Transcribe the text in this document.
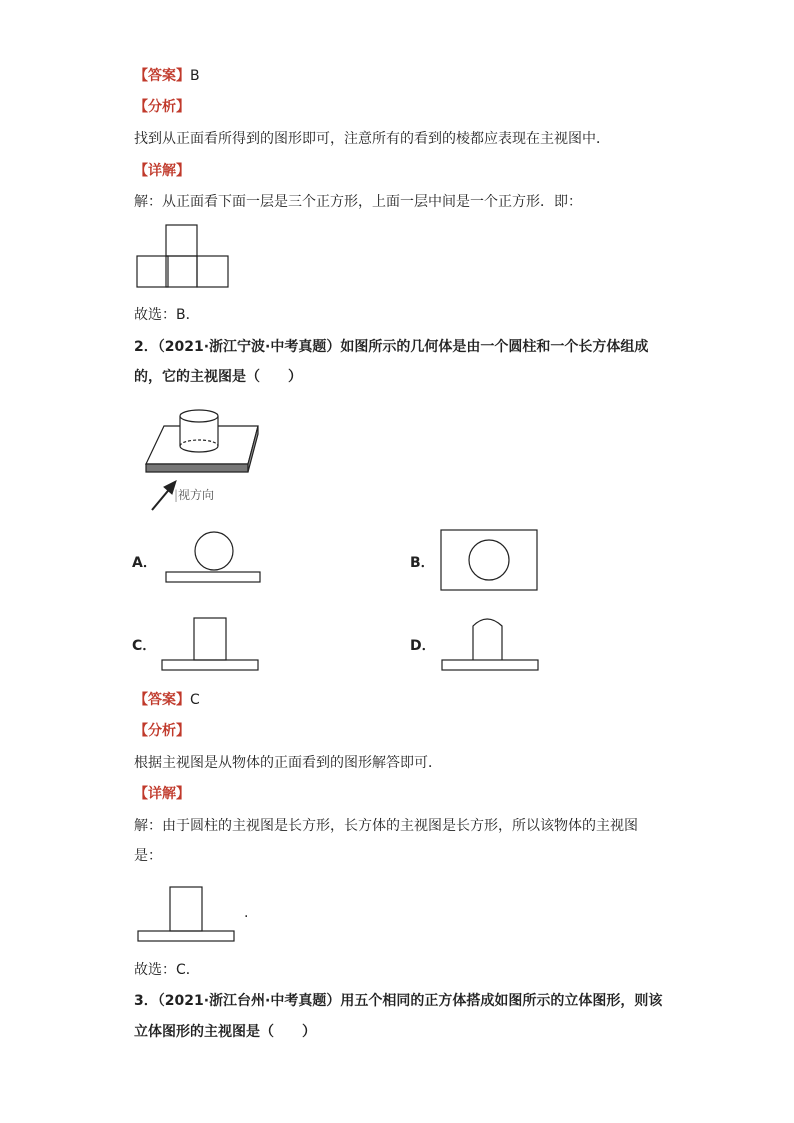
【答案】B
【分析】
找到从正面看所得到的图形即可，注意所有的看到的棱都应表现在主视图中．
【详解】
解：从正面看下面一层是三个正方形，上面一层中间是一个正方形．即：
故选：B．
2．（2021·浙江宁波·中考真题）如图所示的几何体是由一个圆柱和一个长方体组成
的，它的主视图是（　　）
|视方向
A．	B．
C．	D．
【答案】C
【分析】
根据主视图是从物体的正面看到的图形解答即可．
【详解】
解：由于圆柱的主视图是长方形，长方体的主视图是长方形，所以该物体的主视图
是：
.
故选：C．
3．（2021·浙江台州·中考真题）用五个相同的正方体搭成如图所示的立体图形，则该
立体图形的主视图是（　　）
